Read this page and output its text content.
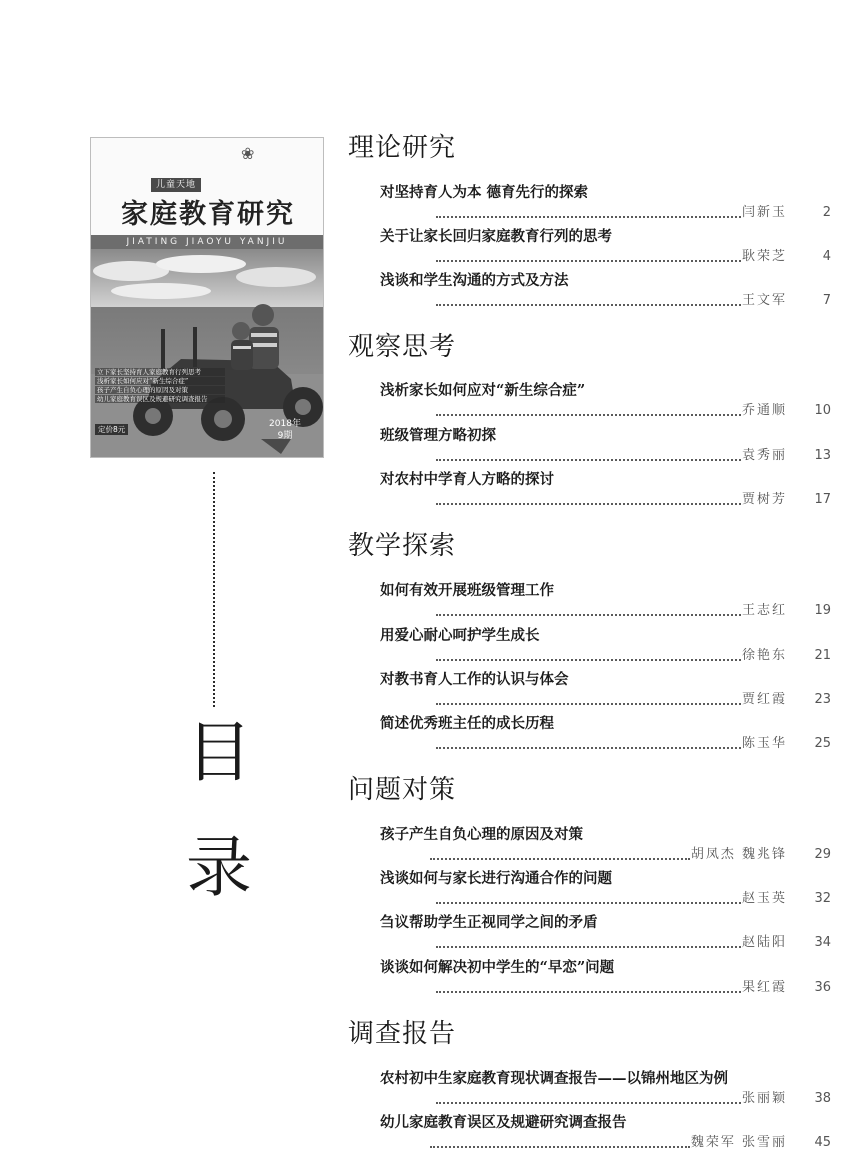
❀
儿童天地
家庭教育研究
JIATING JIAOYU YANJIU
立下家长坚持育人家庭教育行列思考
浅析家长如何应对“新生综合症”
孩子产生自负心理的原因及对策
幼儿家庭教育误区及规避研究调查报告
定价8元
2018年
9期
目
录
理论研究
对坚持育人为本 德育先行的探索
闫新玉	2
关于让家长回归家庭教育行列的思考
耿荣芝	4
浅谈和学生沟通的方式及方法
王文军	7
观察思考
浅析家长如何应对“新生综合症”
乔通顺	10
班级管理方略初探
袁秀丽	13
对农村中学育人方略的探讨
贾树芳	17
教学探索
如何有效开展班级管理工作
王志红	19
用爱心耐心呵护学生成长
徐艳东	21
对教书育人工作的认识与体会
贾红霞	23
简述优秀班主任的成长历程
陈玉华	25
问题对策
孩子产生自负心理的原因及对策
胡凤杰 魏兆锋	29
浅谈如何与家长进行沟通合作的问题
赵玉英	32
刍议帮助学生正视同学之间的矛盾
赵陆阳	34
谈谈如何解决初中学生的“早恋”问题
果红霞	36
调查报告
农村初中生家庭教育现状调查报告——以锦州地区为例
张丽颖	38
幼儿家庭教育误区及规避研究调查报告
魏荣军 张雪丽	45
